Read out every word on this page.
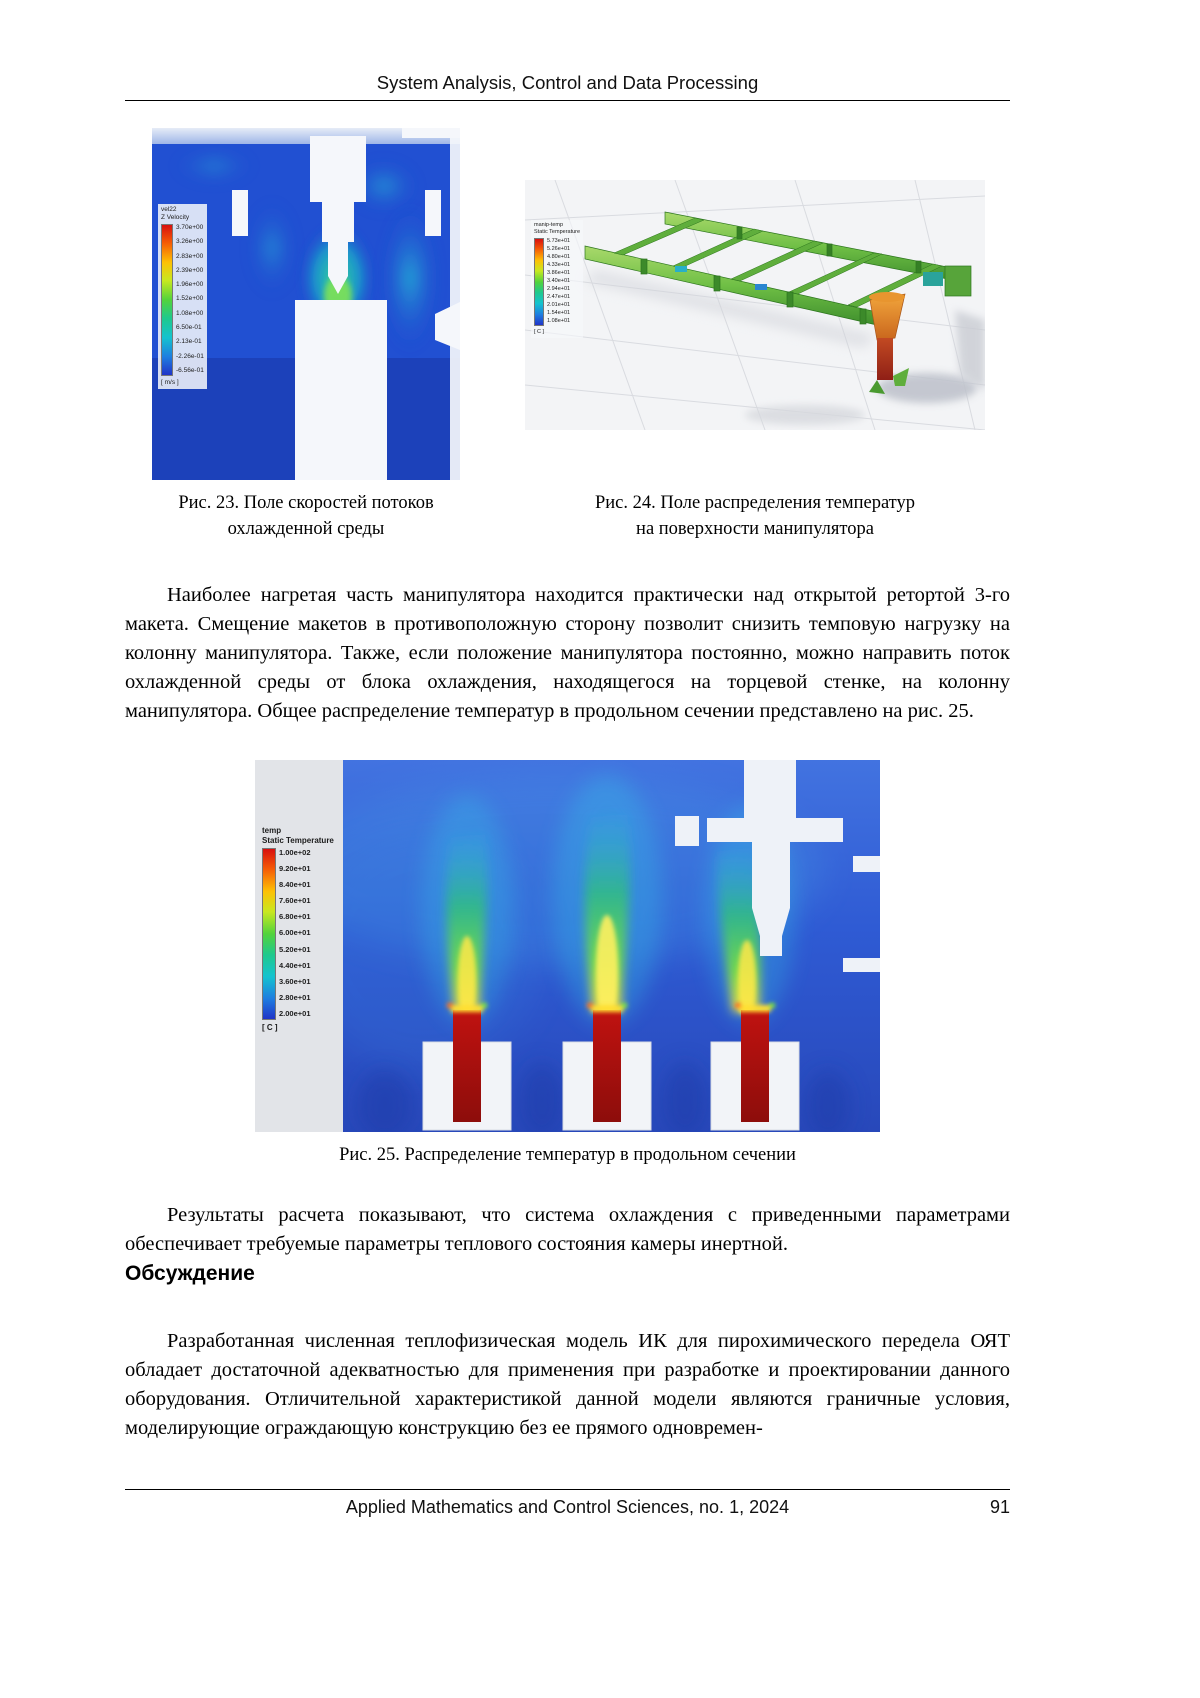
System Analysis, Control and Data Processing
vel22
Z Velocity
3.70e+00
3.26e+00
2.83e+00
2.39e+00
1.96e+00
1.52e+00
1.08e+00
6.50e-01
2.13e-01
-2.26e-01
-6.56e-01
[ m/s ]
manip-temp
Static Temperature
5.73e+01
5.26e+01
4.80e+01
4.33e+01
3.86e+01
3.40e+01
2.94e+01
2.47e+01
2.01e+01
1.54e+01
1.08e+01
[ C ]
Рис. 23. Поле скоростей потоков
охлажденной среды
Рис. 24. Поле распределения температур
на поверхности манипулятора

Наиболее нагретая часть манипулятора находится практически над открытой ретортой 3-го макета. Смещение макетов в противоположную сторону позволит снизить темповую нагрузку на колонну манипулятора. Также, если положение манипулятора постоянно, можно направить поток охлажденной среды от блока охлаждения, находящегося на торцевой стенке, на колонну манипулятора. Общее распределение температур в продольном сечении представлено на рис. 25.

temp
Static Temperature
1.00e+02
9.20e+01
8.40e+01
7.60e+01
6.80e+01
6.00e+01
5.20e+01
4.40e+01
3.60e+01
2.80e+01
2.00e+01
[ C ]
Рис. 25. Распределение температур в продольном сечении

Результаты расчета показывают, что система охлаждения с приведенными параметрами обеспечивает требуемые параметры теплового состояния камеры инертной.

Обсуждение

Разработанная численная теплофизическая модель ИК для пирохимического передела ОЯТ обладает достаточной адекватностью для применения при разработке и проектировании данного оборудования. Отличительной характеристикой данной модели являются граничные условия, моделирующие ограждающую конструкцию без ее прямого одновремен-

Applied Mathematics and Control Sciences, no. 1, 2024	91
